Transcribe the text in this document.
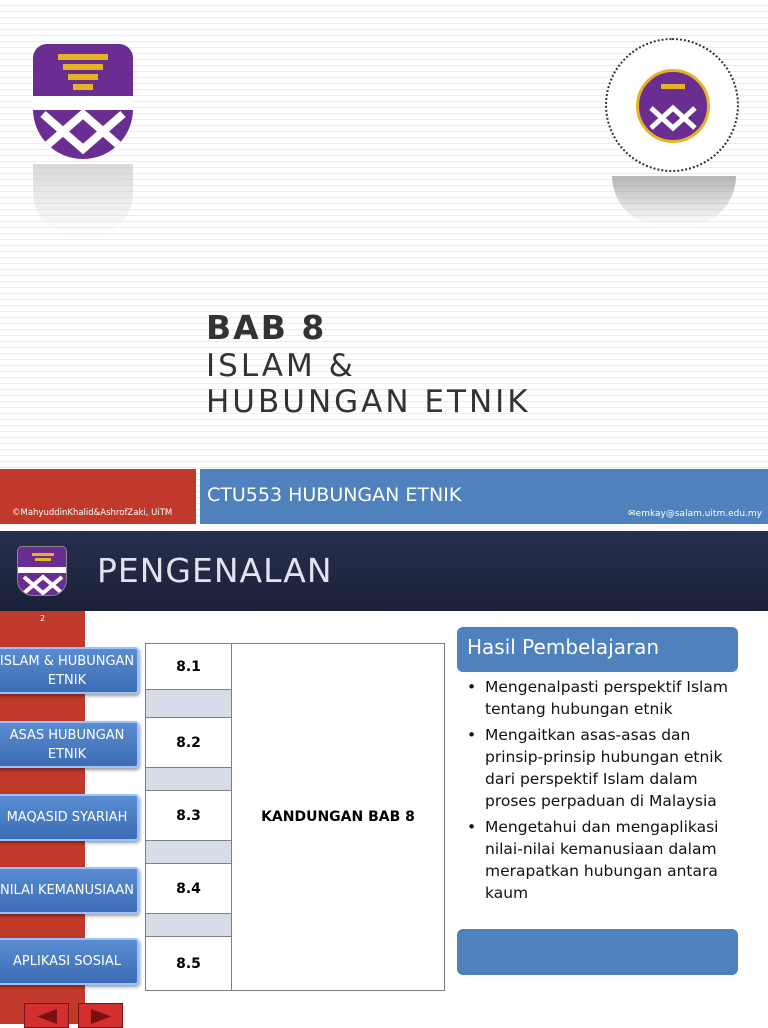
BAB 8
ISLAM &
HUBUNGAN ETNIK
©MahyuddinKhalid&AshrofZaki, UiTM
CTU553 HUBUNGAN ETNIK
✉emkay@salam.uitm.edu.my
PENGENALAN
2
ISLAM & HUBUNGAN ETNIK
ASAS HUBUNGAN ETNIK
MAQASID SYARIAH
NILAI KEMANUSIAAN
APLIKASI SOSIAL
8.1
8.2
8.3
8.4
8.5
KANDUNGAN BAB 8
Hasil Pembelajaran
• Mengenalpasti perspektif Islam tentang hubungan etnik
• Mengaitkan asas-asas dan prinsip-prinsip hubungan etnik dari perspektif Islam dalam proses perpaduan di Malaysia
• Mengetahui dan mengaplikasi nilai-nilai kemanusiaan dalam merapatkan hubungan antara kaum
